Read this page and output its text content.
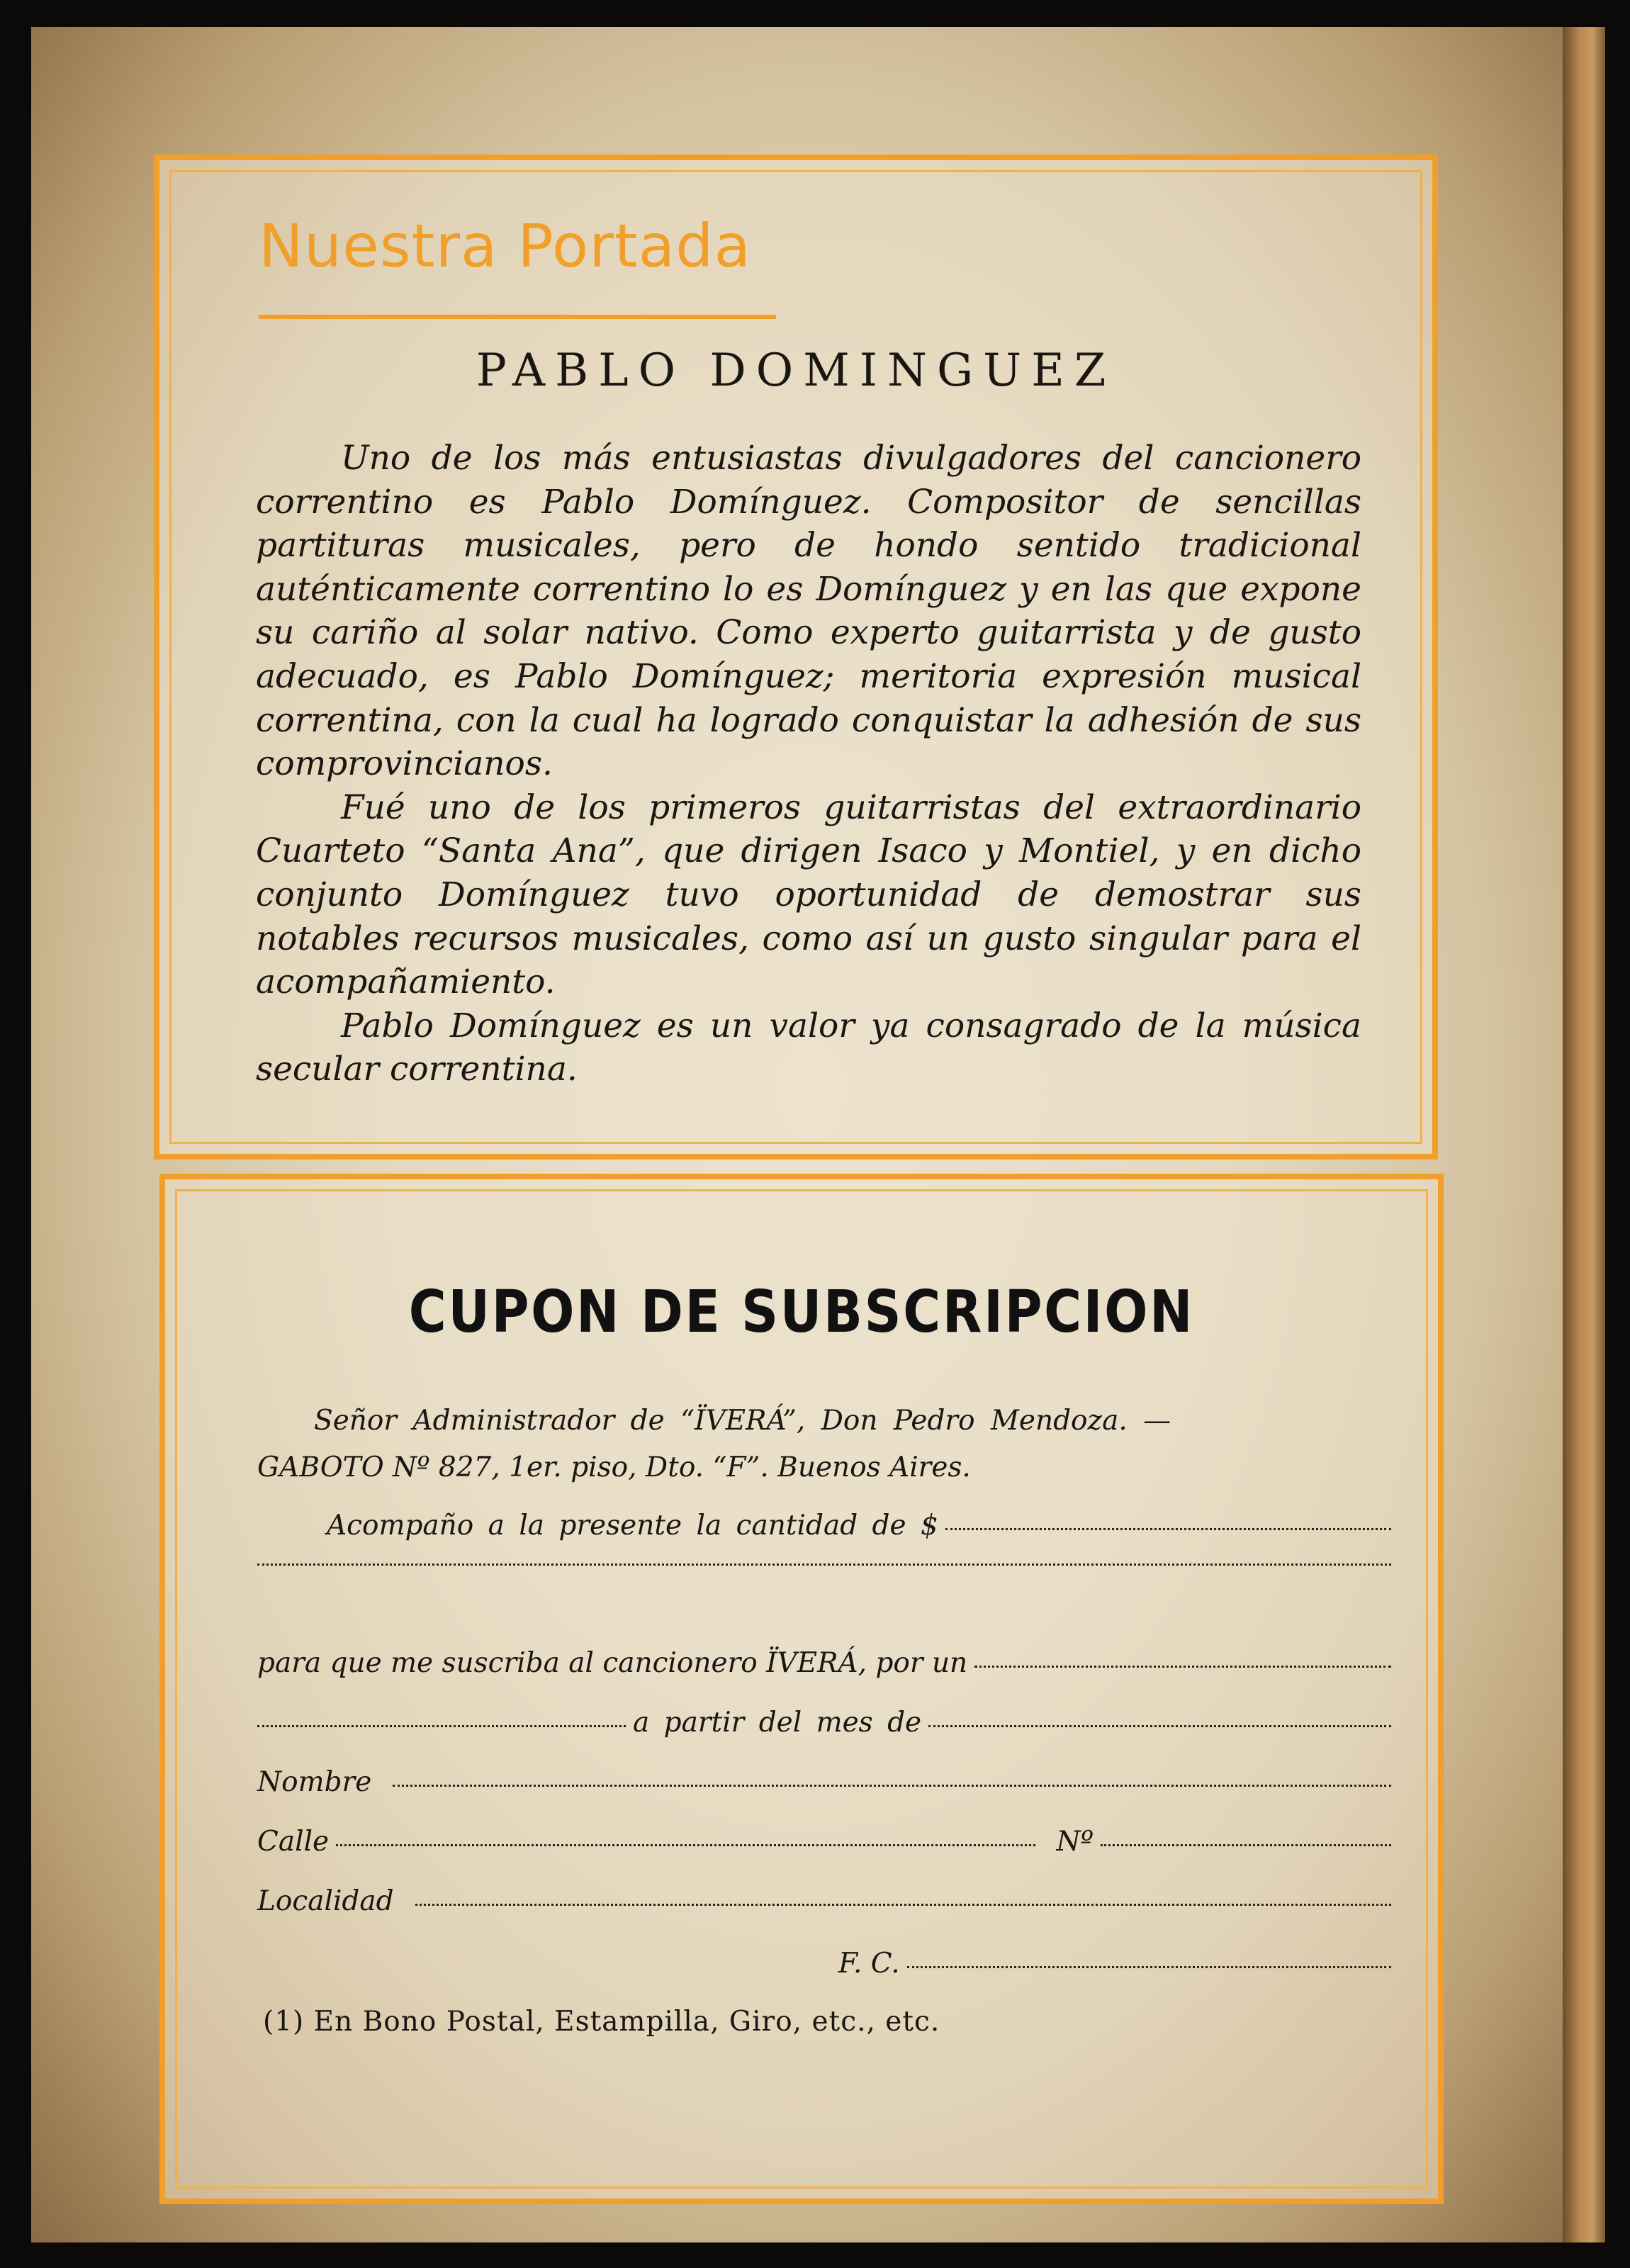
Nuestra Portada
PABLO DOMINGUEZ

Uno de los más entusiastas divulgadores del cancionero correntino es Pablo Domínguez. Compositor de sencillas partituras musicales, pero de hondo sentido tradicional auténticamente correntino lo es Domínguez y en las que expone su cariño al solar nativo. Como experto guitarrista y de gusto adecuado, es Pablo Domínguez; meritoria expresión musical correntina, con la cual ha logrado conquistar la adhesión de sus comprovincianos.

Fué uno de los primeros guitarristas del extraordinario Cuarteto “Santa Ana”, que dirigen Isaco y Montiel, y en dicho conjunto Domínguez tuvo oportunidad de demostrar sus notables recursos musicales, como así un gusto singular para el acompañamiento.

Pablo Domínguez es un valor ya consagrado de la música secular correntina.

CUPON DE SUBSCRIPCION
Señor Administrador de “ÏVERÁ”, Don Pedro Mendoza. —
GABOTO Nº 827, 1er. piso, Dto. “F”. Buenos Aires.
Acompaño a la presente la cantidad de $
para que me suscriba al cancionero ÏVERÁ, por un
a partir del mes de
Nombre
Calle	Nº
Localidad
F. C.
(1) En Bono Postal, Estampilla, Giro, etc., etc.
